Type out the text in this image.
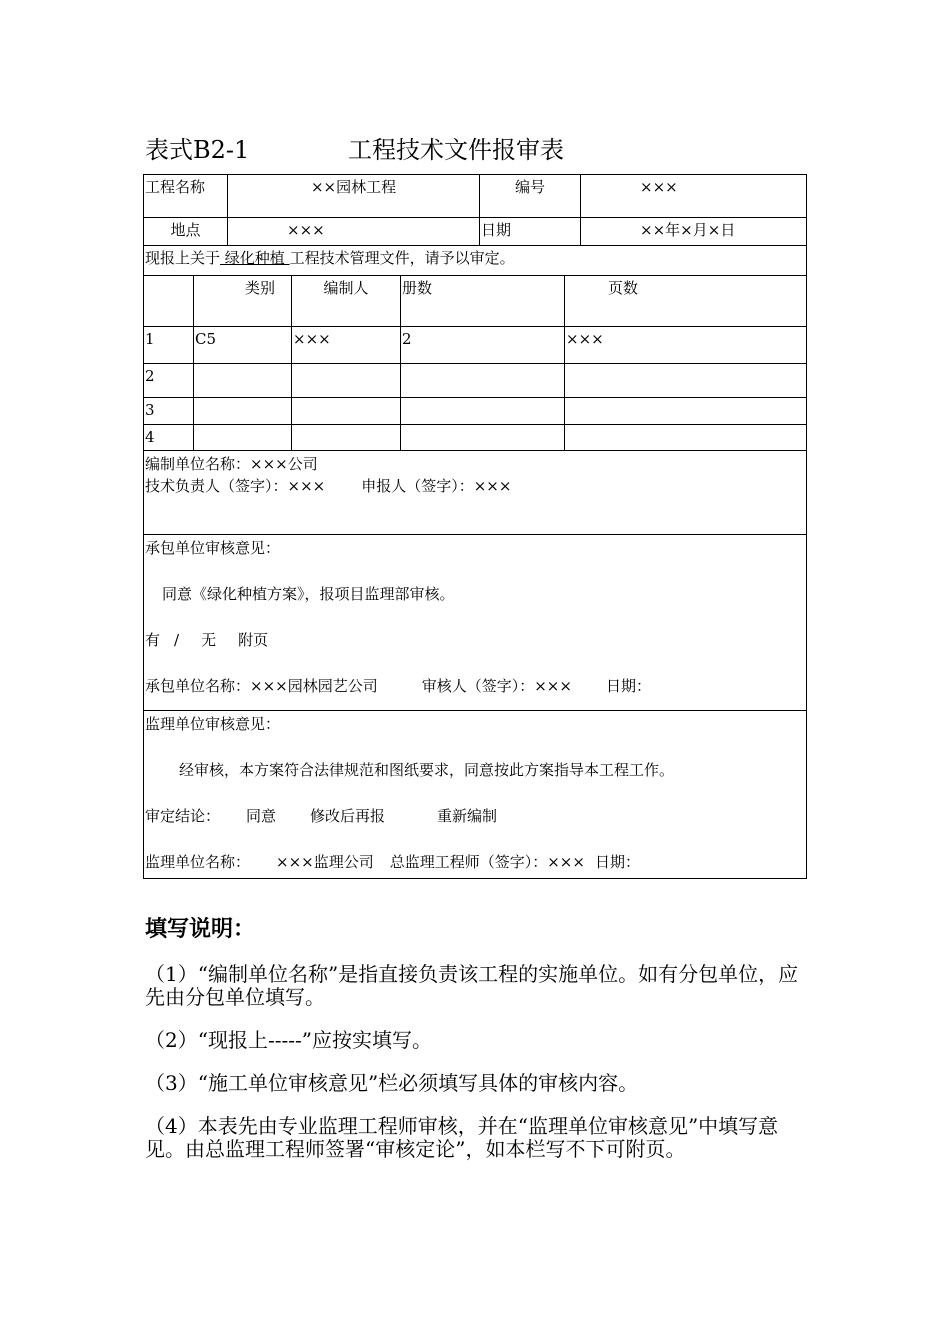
表式B2-1	工程技术文件报审表
工程名称		××园林工程			编号		×××
地点		×××			日期		××年×月×日
现报上关于 绿化种植 工程技术管理文件，请予以审定。							
	类别		编制人	册数		页数	
1	C5		×××	2		×××	
2							
3							
4							

编制单位名称：×××公司
技术负责人（签字）：××× 申报人（签字）：×××							

承包单位审核意见：
同意《绿化种植方案》，报项目监理部审核。
有 / 无 附页
承包单位名称：×××园林园艺公司 审核人（签字）：××× 日期：							

监理单位审核意见：
经审核，本方案符合法律规范和图纸要求，同意按此方案指导本工程工作。
审定结论： 同意 修改后再报 重新编制
监理单位名称： ×××监理公司 总监理工程师（签字）：××× 日期：							
填写说明：

（1）“编制单位名称”是指直接负责该工程的实施单位。如有分包单位，应先由分包单位填写。

（2）“现报上-----”应按实填写。

（3）“施工单位审核意见”栏必须填写具体的审核内容。

（4）本表先由专业监理工程师审核，并在“监理单位审核意见”中填写意见。由总监理工程师签署“审核定论”，如本栏写不下可附页。
